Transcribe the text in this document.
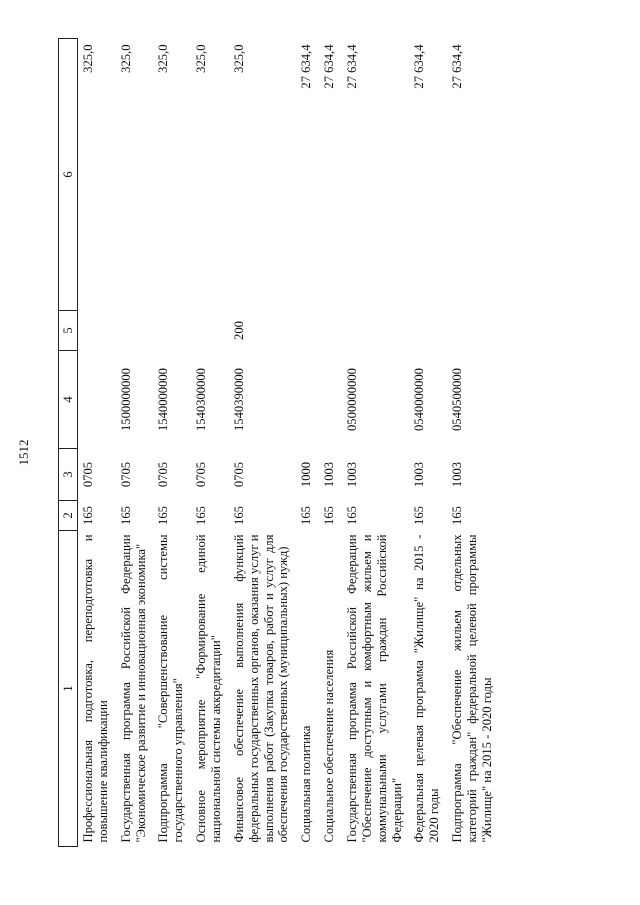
1512
1	2	3	4	5	6
Профессиональная подготовка, переподготовка и повышение квалификации	165	0705			325,0
Государственная программа Российской Федерации "Экономическое развитие и инновационная экономика"	165	0705	1500000000		325,0
Подпрограмма "Совершенствование системы государственного управления"	165	0705	1540000000		325,0
Основное мероприятие "Формирование единой национальной системы аккредитации"	165	0705	1540300000		325,0
Финансовое обеспечение выполнения функций федеральных государственных органов, оказания услуг и выполнения работ (Закупка товаров, работ и услуг для обеспечения государственных (муниципальных) нужд)	165	0705	1540390000	200	325,0
Социальная политика	165	1000			27 634,4
Социальное обеспечение населения	165	1003			27 634,4
Государственная программа Российской Федерации "Обеспечение доступным и комфортным жильем и коммунальными услугами граждан Российской Федерации"	165	1003	0500000000		27 634,4
Федеральная целевая программа "Жилище" на 2015 - 2020 годы	165	1003	0540000000		27 634,4
Подпрограмма "Обеспечение жильем отдельных категорий граждан" федеральной целевой программы "Жилище" на 2015 - 2020 годы	165	1003	0540500000		27 634,4
